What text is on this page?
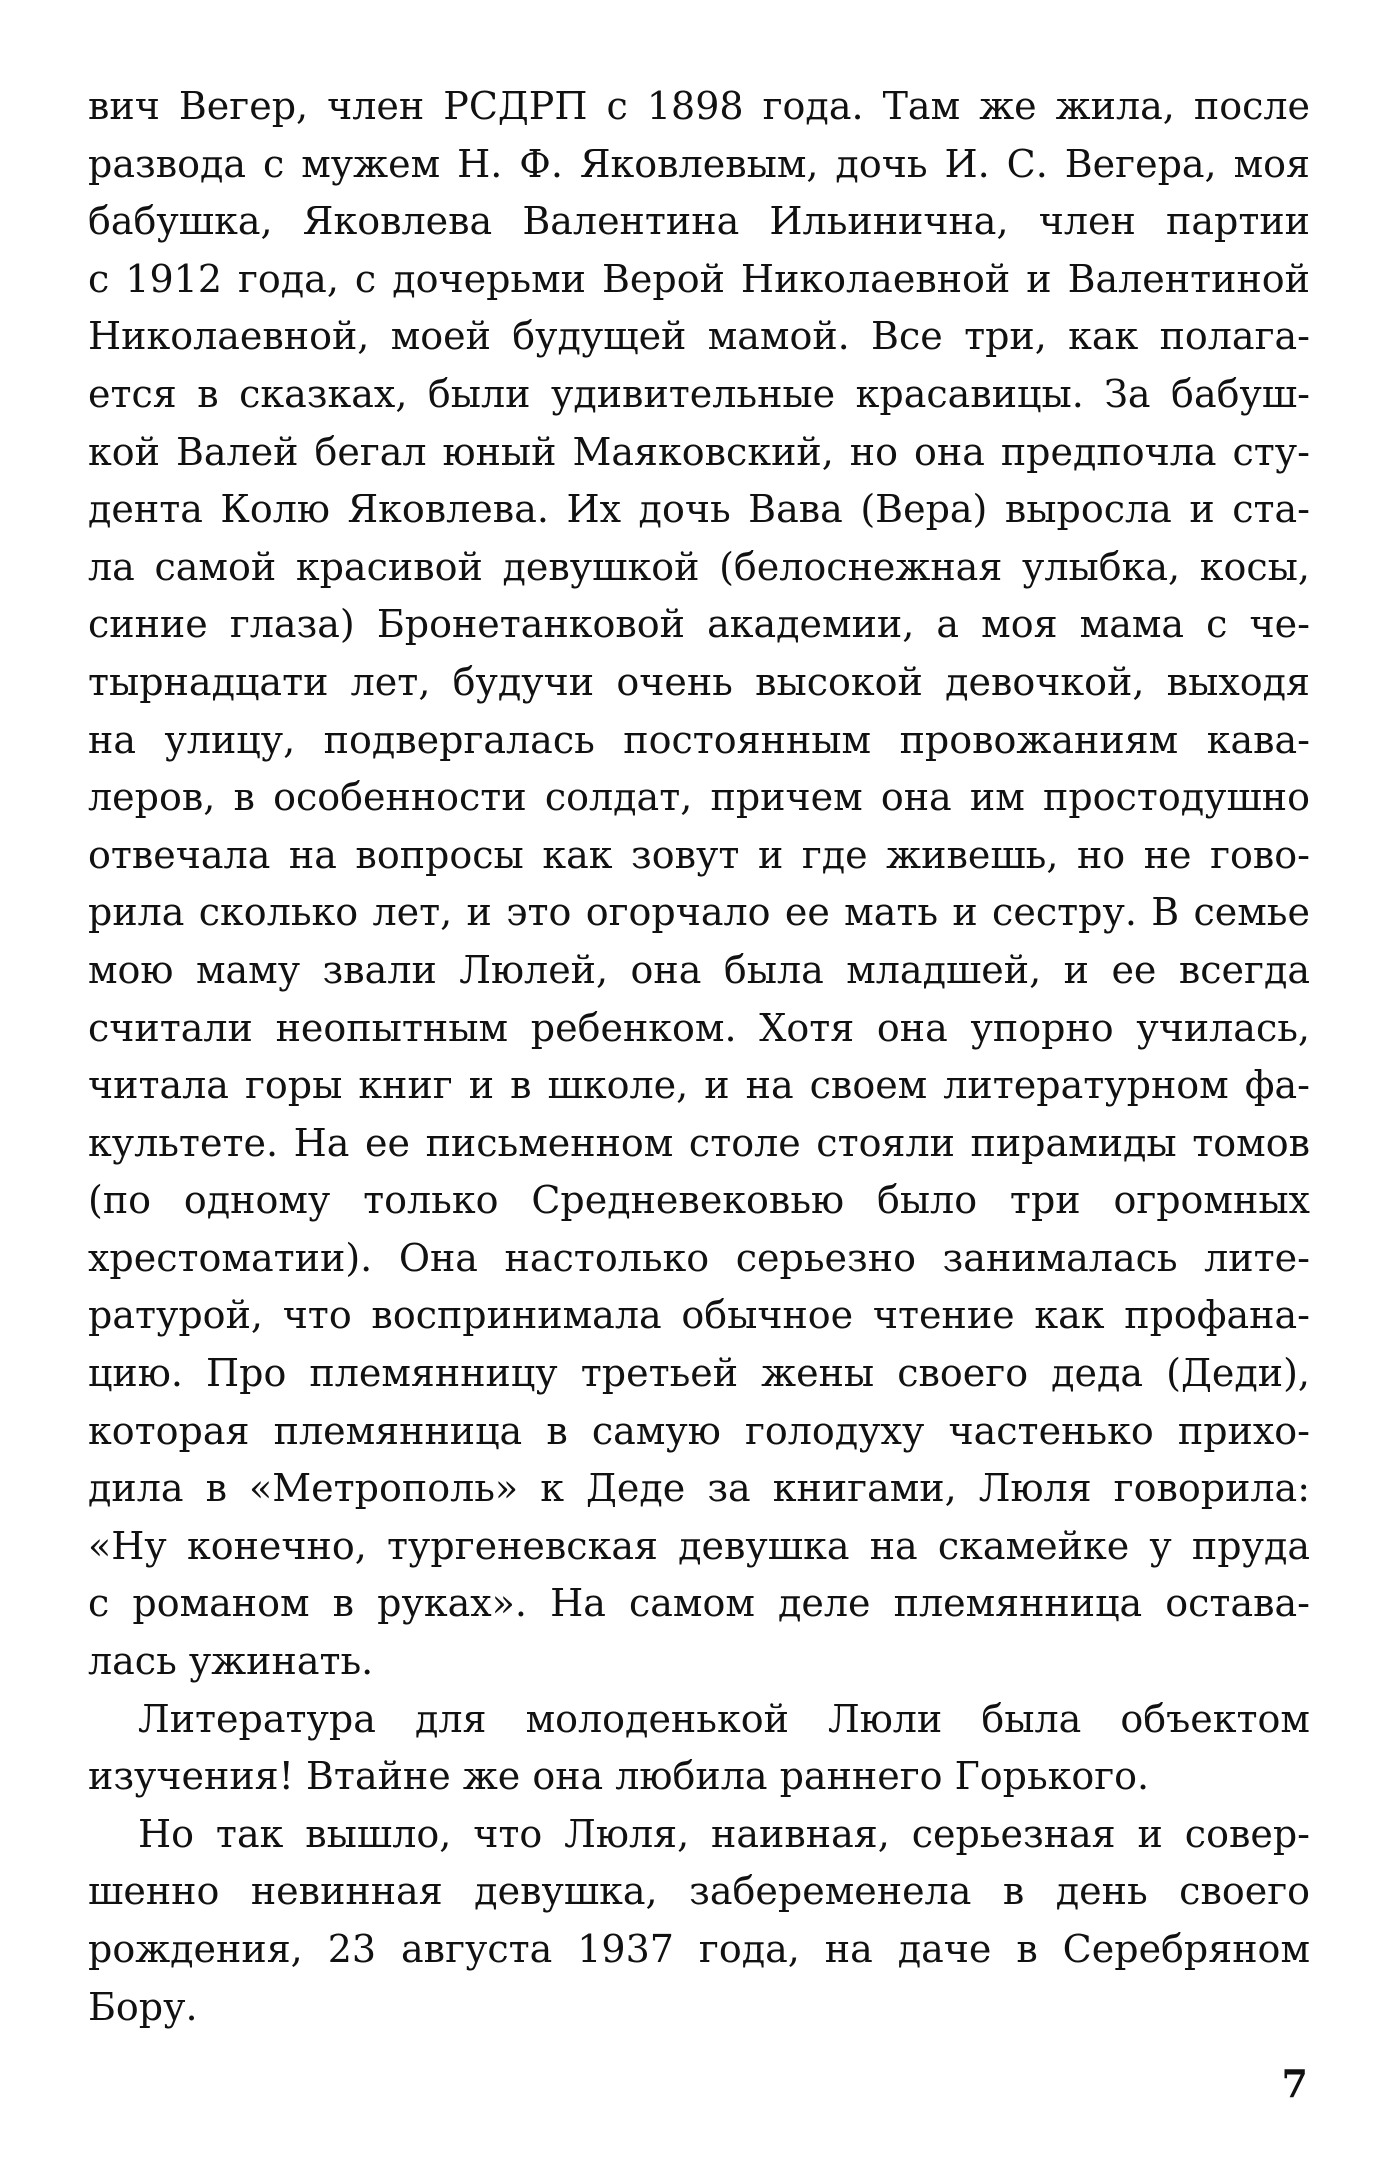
вич Вегер, член РСДРП с 1898 года. Там же жила, после
развода с мужем Н. Ф. Яковлевым, дочь И. С. Вегера, моя
бабушка, Яковлева Валентина Ильинична, член партии
с 1912 года, с дочерьми Верой Николаевной и Валентиной
Николаевной, моей будущей мамой. Все три, как полага-
ется в сказках, были удивительные красавицы. За бабуш-
кой Валей бегал юный Маяковский, но она предпочла сту-
дента Колю Яковлева. Их дочь Вава (Вера) выросла и ста-
ла самой красивой девушкой (белоснежная улыбка, косы,
синие глаза) Бронетанковой академии, а моя мама с че-
тырнадцати лет, будучи очень высокой девочкой, выходя
на улицу, подвергалась постоянным провожаниям кава-
леров, в особенности солдат, причем она им простодушно
отвечала на вопросы как зовут и где живешь, но не гово-
рила сколько лет, и это огорчало ее мать и сестру. В семье
мою маму звали Люлей, она была младшей, и ее всегда
считали неопытным ребенком. Хотя она упорно училась,
читала горы книг и в школе, и на своем литературном фа-
культете. На ее письменном столе стояли пирамиды томов
(по одному только Средневековью было три огромных
хрестоматии). Она настолько серьезно занималась лите-
ратурой, что воспринимала обычное чтение как профана-
цию. Про племянницу третьей жены своего деда (Деди),
которая племянница в самую голодуху частенько прихо-
дила в «Метрополь» к Деде за книгами, Люля говорила:
«Ну конечно, тургеневская девушка на скамейке у пруда
с романом в руках». На самом деле племянница остава-
лась ужинать.
Литература для молоденькой Люли была объектом
изучения! Втайне же она любила раннего Горького.
Но так вышло, что Люля, наивная, серьезная и совер-
шенно невинная девушка, забеременела в день своего
рождения, 23 августа 1937 года, на даче в Серебряном
Бору.
7
